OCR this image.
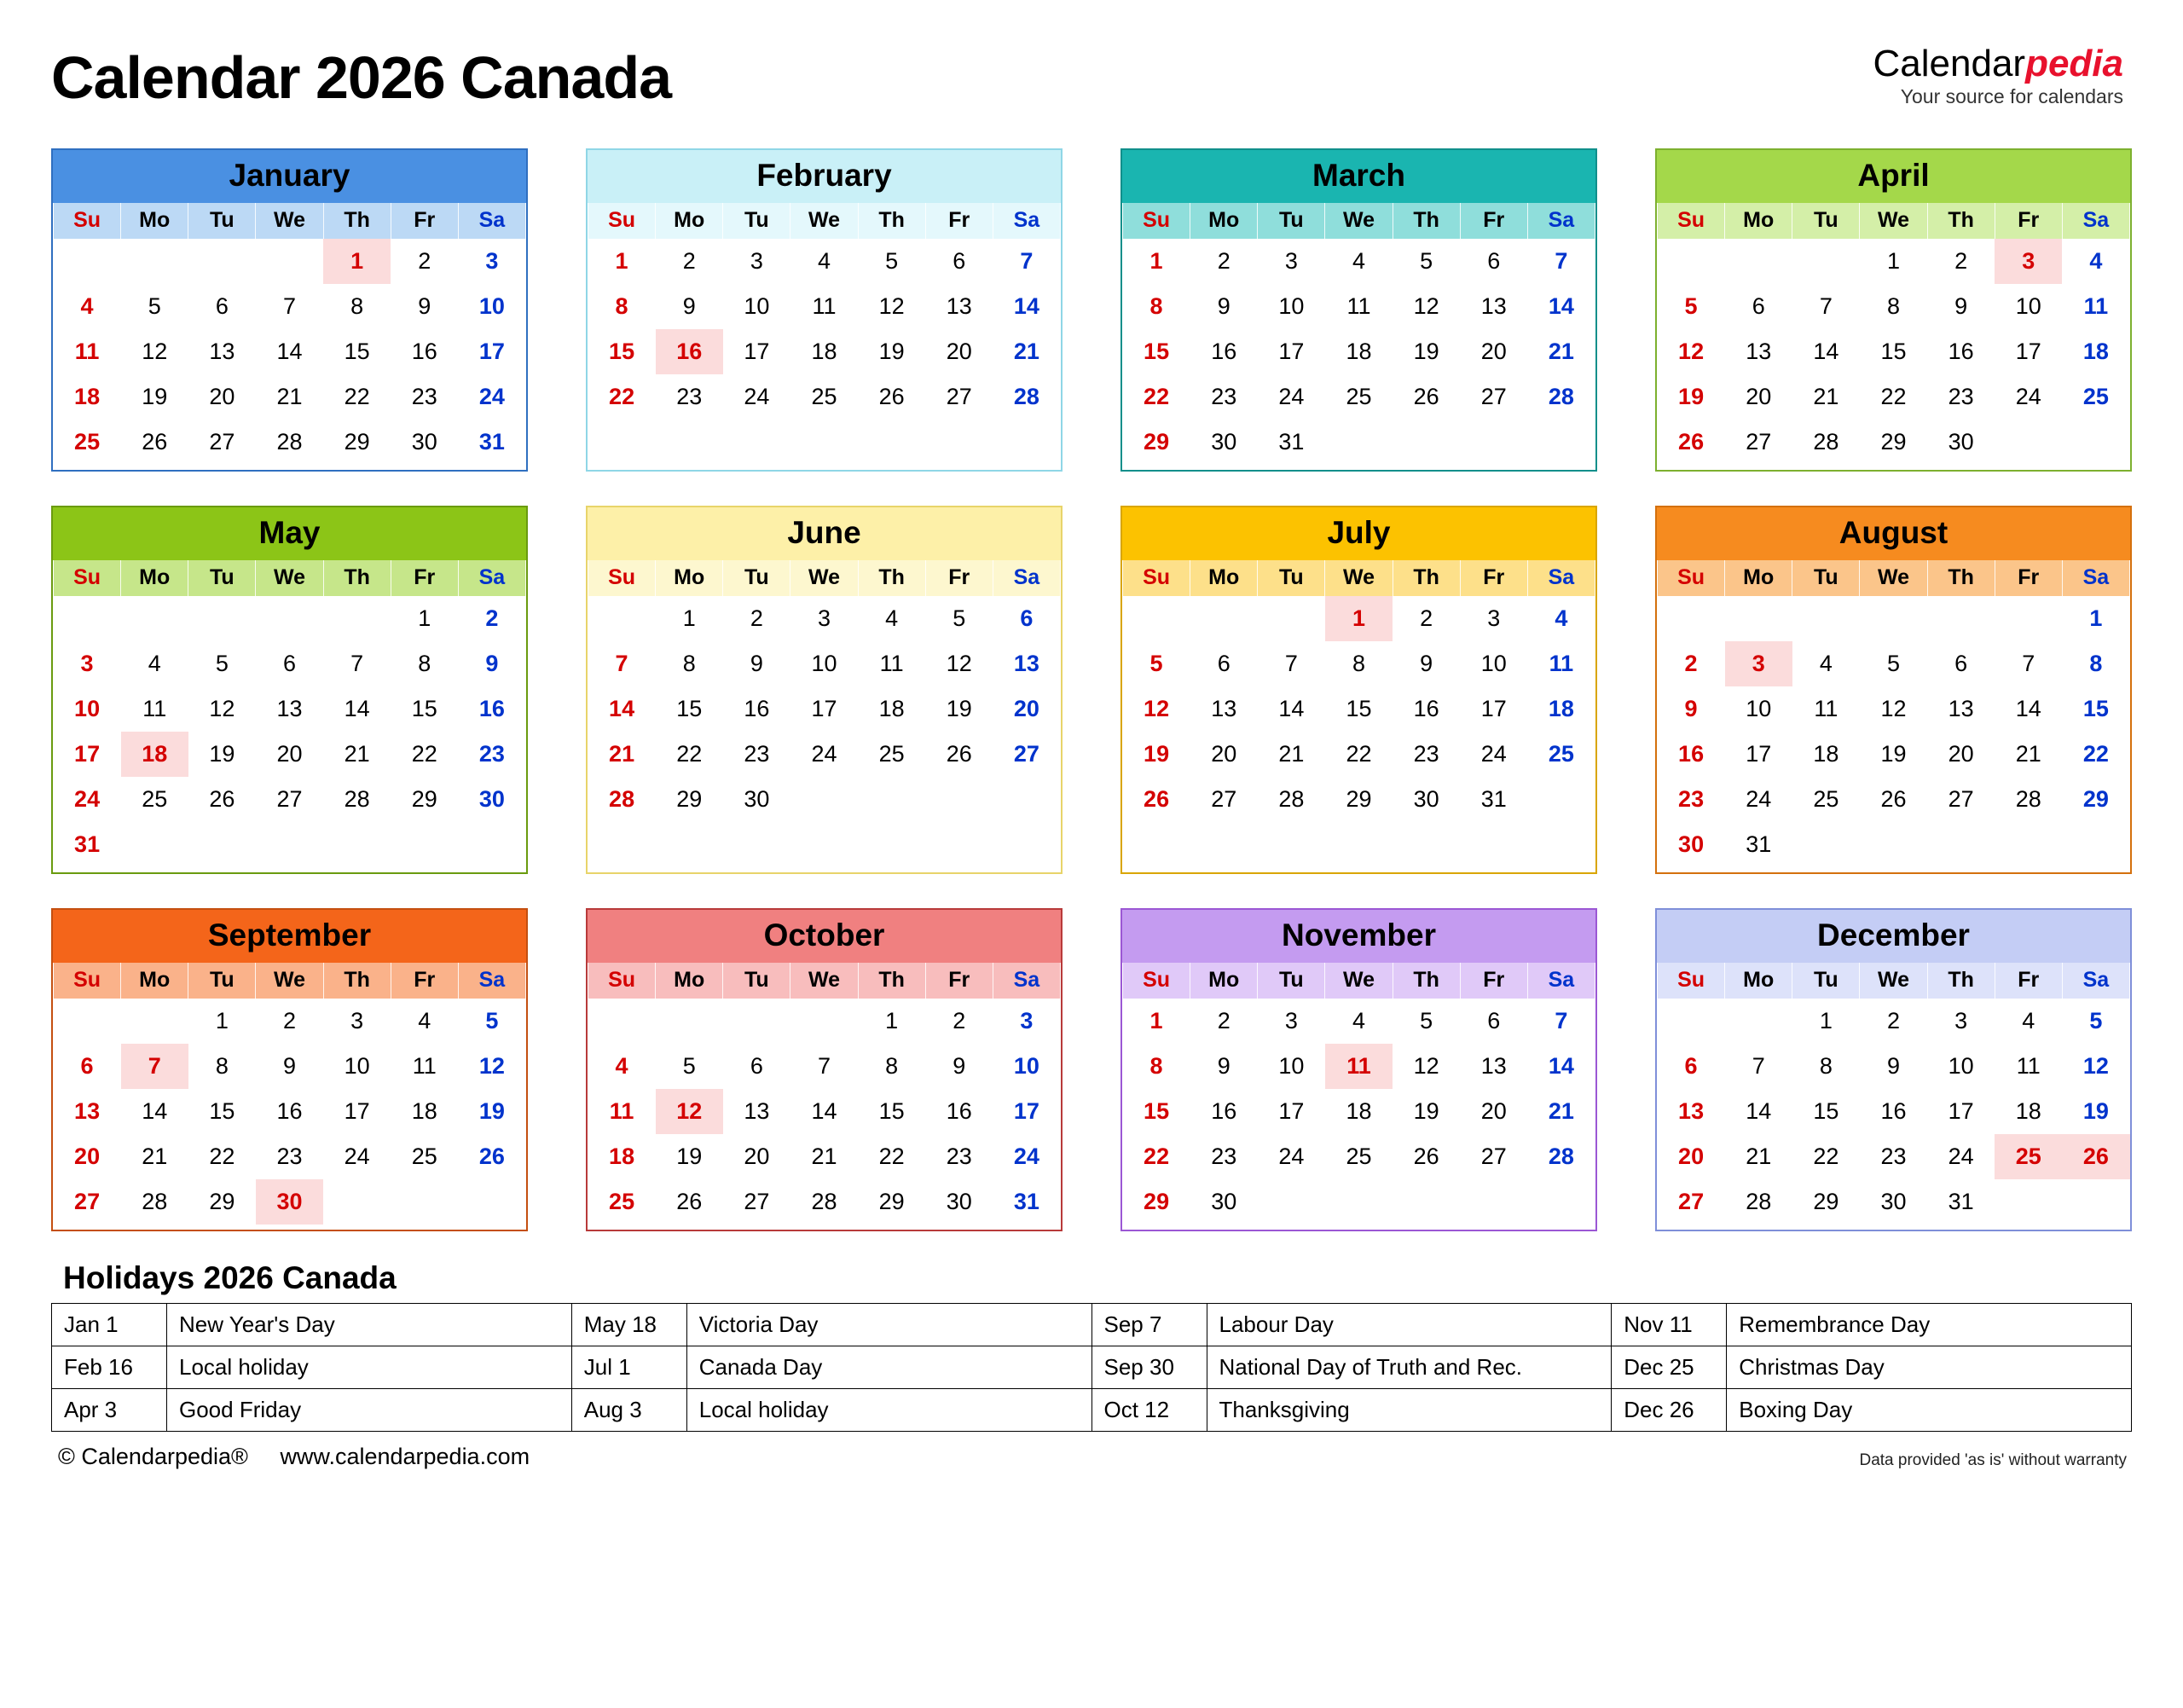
Calendar 2026 Canada	Calendarpedia
Your source for calendars
January
Su	Mo	Tu	We	Th	Fr	Sa
				1	2	3
4	5	6	7	8	9	10
11	12	13	14	15	16	17
18	19	20	21	22	23	24
25	26	27	28	29	30	31
February
Su	Mo	Tu	We	Th	Fr	Sa
1	2	3	4	5	6	7
8	9	10	11	12	13	14
15	16	17	18	19	20	21
22	23	24	25	26	27	28
March
Su	Mo	Tu	We	Th	Fr	Sa
1	2	3	4	5	6	7
8	9	10	11	12	13	14
15	16	17	18	19	20	21
22	23	24	25	26	27	28
29	30	31				
April
Su	Mo	Tu	We	Th	Fr	Sa
			1	2	3	4
5	6	7	8	9	10	11
12	13	14	15	16	17	18
19	20	21	22	23	24	25
26	27	28	29	30		
May
Su	Mo	Tu	We	Th	Fr	Sa
					1	2
3	4	5	6	7	8	9
10	11	12	13	14	15	16
17	18	19	20	21	22	23
24	25	26	27	28	29	30
31						
June
Su	Mo	Tu	We	Th	Fr	Sa
	1	2	3	4	5	6
7	8	9	10	11	12	13
14	15	16	17	18	19	20
21	22	23	24	25	26	27
28	29	30				
July
Su	Mo	Tu	We	Th	Fr	Sa
			1	2	3	4
5	6	7	8	9	10	11
12	13	14	15	16	17	18
19	20	21	22	23	24	25
26	27	28	29	30	31	
August
Su	Mo	Tu	We	Th	Fr	Sa
						1
2	3	4	5	6	7	8
9	10	11	12	13	14	15
16	17	18	19	20	21	22
23	24	25	26	27	28	29
30	31					
September
Su	Mo	Tu	We	Th	Fr	Sa
		1	2	3	4	5
6	7	8	9	10	11	12
13	14	15	16	17	18	19
20	21	22	23	24	25	26
27	28	29	30			
October
Su	Mo	Tu	We	Th	Fr	Sa
				1	2	3
4	5	6	7	8	9	10
11	12	13	14	15	16	17
18	19	20	21	22	23	24
25	26	27	28	29	30	31
November
Su	Mo	Tu	We	Th	Fr	Sa
1	2	3	4	5	6	7
8	9	10	11	12	13	14
15	16	17	18	19	20	21
22	23	24	25	26	27	28
29	30					
December
Su	Mo	Tu	We	Th	Fr	Sa
		1	2	3	4	5
6	7	8	9	10	11	12
13	14	15	16	17	18	19
20	21	22	23	24	25	26
27	28	29	30	31		
Holidays 2026 Canada
Jan 1	New Year's Day	May 18	Victoria Day	Sep 7	Labour Day	Nov 11	Remembrance Day
Feb 16	Local holiday	Jul 1	Canada Day	Sep 30	National Day of Truth and Rec.	Dec 25	Christmas Day
Apr 3	Good Friday	Aug 3	Local holiday	Oct 12	Thanksgiving	Dec 26	Boxing Day
© Calendarpedia® www.calendarpedia.com	Data provided 'as is' without warranty
